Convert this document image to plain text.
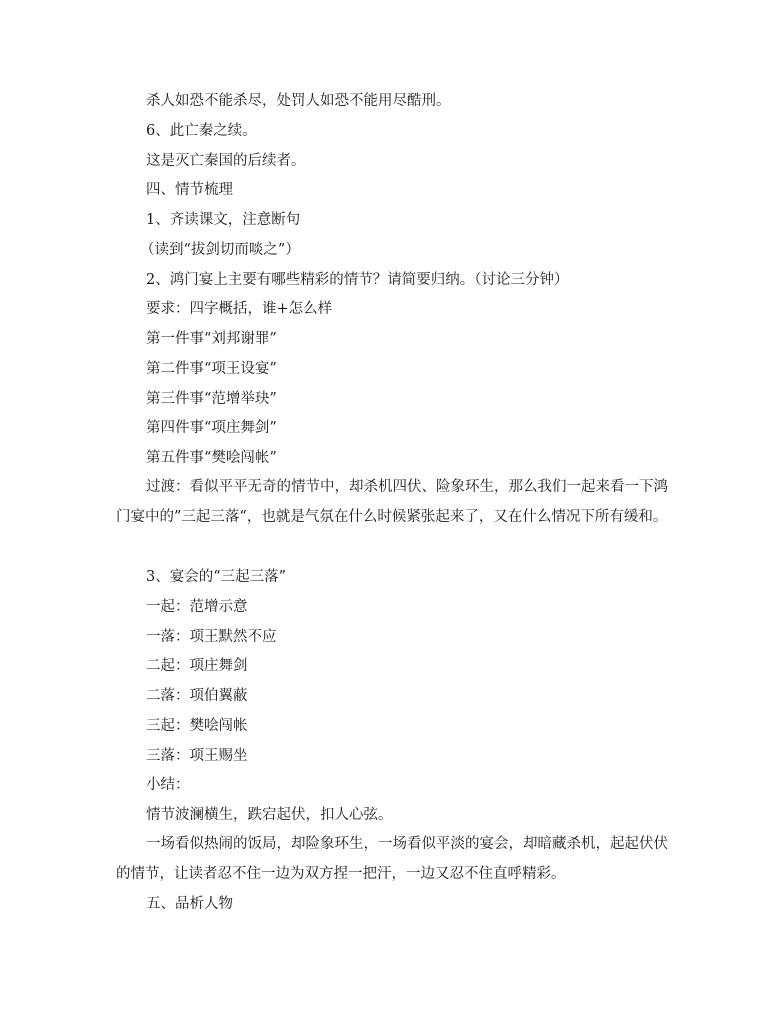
杀人如恐不能杀尽，处罚人如恐不能用尽酷刑。
6、此亡秦之续。
这是灭亡秦国的后续者。
四、情节梳理
1、齐读课文，注意断句
（读到“拔剑切而啖之”）
2、鸿门宴上主要有哪些精彩的情节？请简要归纳。（讨论三分钟）
要求：四字概括，谁+怎么样
第一件事“刘邦谢罪”
第二件事“项王设宴”
第三件事“范增举玦”
第四件事“项庄舞剑”
第五件事“樊哙闯帐”
过渡：看似平平无奇的情节中，却杀机四伏、险象环生，那么我们一起来看一下鸿门宴中的”三起三落“，也就是气氛在什么时候紧张起来了，又在什么情况下所有缓和。
3、宴会的“三起三落”
一起：范增示意
一落：项王默然不应
二起：项庄舞剑
二落：项伯翼蔽
三起：樊哙闯帐
三落：项王赐坐
小结：
情节波澜横生，跌宕起伏，扣人心弦。
一场看似热闹的饭局，却险象环生，一场看似平淡的宴会，却暗藏杀机，起起伏伏的情节，让读者忍不住一边为双方捏一把汗，一边又忍不住直呼精彩。
五、品析人物
